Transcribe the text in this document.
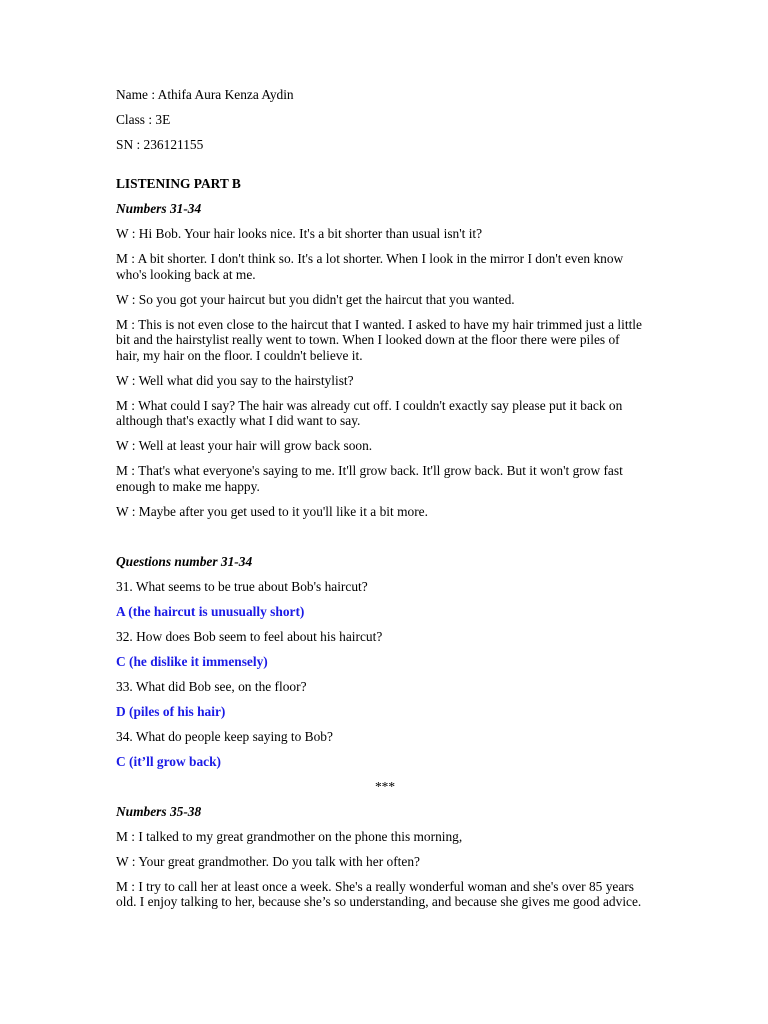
Name : Athifa Aura Kenza Aydin

Class : 3E

SN : 236121155

LISTENING PART B

Numbers 31-34

W : Hi Bob. Your hair looks nice. It's a bit shorter than usual isn't it?

M : A bit shorter. I don't think so. It's a lot shorter. When I look in the mirror I don't even know who's looking back at me.

W : So you got your haircut but you didn't get the haircut that you wanted.

M : This is not even close to the haircut that I wanted. I asked to have my hair trimmed just a little bit and the hairstylist really went to town. When I looked down at the floor there were piles of hair, my hair on the floor. I couldn't believe it.

W : Well what did you say to the hairstylist?

M : What could I say? The hair was already cut off. I couldn't exactly say please put it back on although that's exactly what I did want to say.

W : Well at least your hair will grow back soon.

M : That's what everyone's saying to me. It'll grow back. It'll grow back. But it won't grow fast enough to make me happy.

W : Maybe after you get used to it you'll like it a bit more.

Questions number 31-34

31. What seems to be true about Bob's haircut?

A (the haircut is unusually short)

32. How does Bob seem to feel about his haircut?

C (he dislike it immensely)

33. What did Bob see, on the floor?

D (piles of his hair)

34. What do people keep saying to Bob?

C (it’ll grow back)

***

Numbers 35-38

M : I talked to my great grandmother on the phone this morning,

W : Your great grandmother. Do you talk with her often?

M : I try to call her at least once a week. She's a really wonderful woman and she's over 85 years old. I enjoy talking to her, because she’s so understanding, and because she gives me good advice.
